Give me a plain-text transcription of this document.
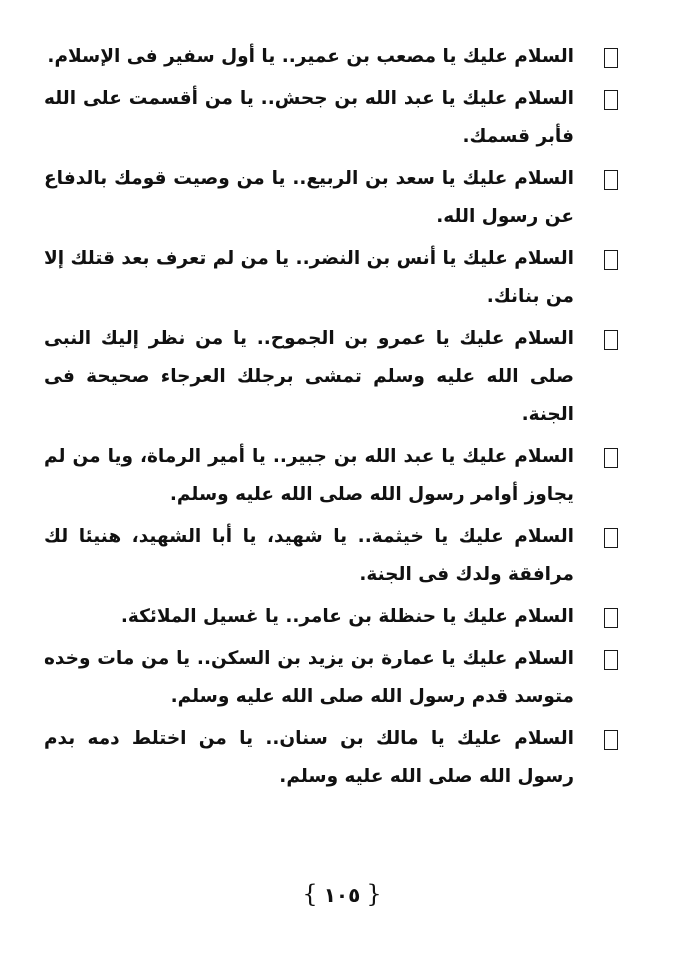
السلام عليك يا مصعب بن عمير.. يا أول سفير فى الإسلام.
السلام عليك يا عبد الله بن جحش.. يا من أقسمت على الله فأبر قسمك.
السلام عليك يا سعد بن الربيع.. يا من وصيت قومك بالدفاع عن رسول الله.
السلام عليك يا أنس بن النضر.. يا من لم تعرف بعد قتلك إلا من بنانك.
السلام عليك يا عمرو بن الجموح.. يا من نظر إليك النبى صلى الله عليه وسلم تمشى برجلك العرجاء صحيحة فى الجنة.
السلام عليك يا عبد الله بن جبير.. يا أمير الرماة، ويا من لم يجاوز أوامر رسول الله صلى الله عليه وسلم.
السلام عليك يا خيثمة.. يا شهيد، يا أبا الشهيد، هنيئا لك مرافقة ولدك فى الجنة.
السلام عليك يا حنظلة بن عامر.. يا غسيل الملائكة.
السلام عليك يا عمارة بن يزيد بن السكن.. يا من مات وخده متوسد قدم رسول الله صلى الله عليه وسلم.
السلام عليك يا مالك بن سنان.. يا من اختلط دمه بدم رسول الله صلى الله عليه وسلم.
{١٠٥}
